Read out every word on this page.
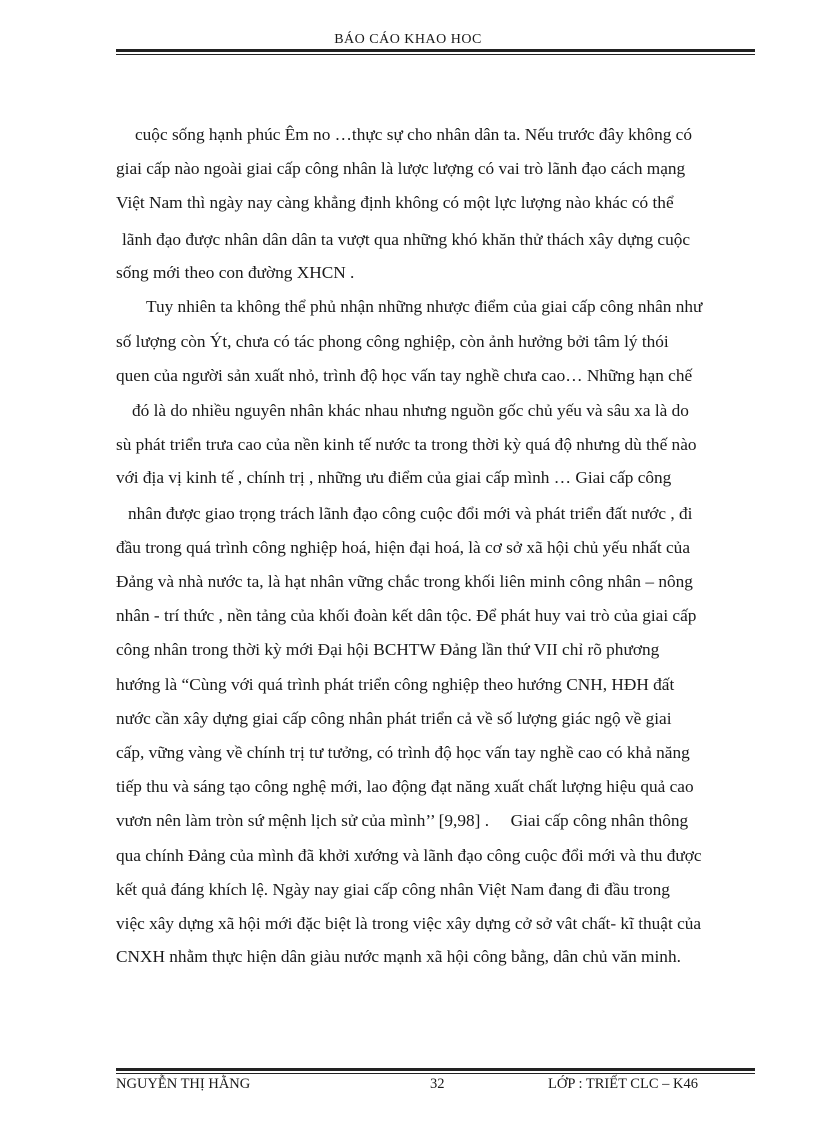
BÁO CÁO KHAO HOC
cuộc sống hạnh phúc Êm no …thực sự cho nhân dân ta. Nếu trước đây không có
giai cấp nào ngoài giai cấp công nhân là lược lượng có vai trò lãnh đạo cách mạng
Việt Nam thì ngày nay càng khẳng định không có một lực lượng nào khác có thể
lãnh đạo được nhân dân dân ta vượt qua những khó khăn thử thách xây dựng cuộc
sống mới theo con đường XHCN .
Tuy nhiên ta không thể phủ nhận những nhược điểm của giai cấp công nhân như
số lượng còn Ýt, chưa có tác phong công nghiệp, còn ảnh hưởng bởi tâm lý thói
quen của người sản xuất nhỏ, trình độ học vấn tay nghề chưa cao… Những hạn chế
đó là do nhiều nguyên nhân khác nhau nhưng nguồn gốc chủ yếu và sâu xa là do
sù phát triển trưa cao của nền kinh tế nước ta trong thời kỳ quá độ nhưng dù thế nào
với địa vị kinh tế , chính trị , những ưu điểm của giai cấp mình … Giai cấp công
nhân được giao trọng trách lãnh đạo công cuộc đổi mới và phát triển đất nước , đi
đầu trong quá trình công nghiệp hoá, hiện đại hoá, là cơ sở xã hội chủ yếu nhất của
Đảng và nhà nước ta, là hạt nhân vững chắc trong khối liên minh công nhân – nông
nhân - trí thức , nền tảng của khối đoàn kết dân tộc. Để phát huy vai trò của giai cấp
công nhân trong thời kỳ mới Đại hội BCHTW Đảng lần thứ VII chỉ rõ phương
hướng là “Cùng với quá trình phát triển công nghiệp theo hướng CNH, HĐH đất
nước cần xây dựng giai cấp công nhân phát triển cả về số lượng giác ngộ về giai
cấp, vững vàng về chính trị tư tưởng, có trình độ học vấn tay nghề cao có khả năng
tiếp thu và sáng tạo công nghệ mới, lao động đạt năng xuất chất lượng hiệu quả cao
vươn nên làm tròn sứ mệnh lịch sử của mình’’ [9,98] .     Giai cấp công nhân thông
qua chính Đảng của mình đã khởi xướng và lãnh đạo công cuộc đổi mới và thu được
kết quả đáng khích lệ. Ngày nay giai cấp công nhân Việt Nam đang đi đầu trong
việc xây dựng xã hội mới đặc biệt là trong việc xây dựng cở sở vât chất- kĩ thuật của
CNXH nhằm thực hiện dân giàu nước mạnh xã hội công bằng, dân chủ văn minh.
NGUYỄN THỊ HẰNG	32	LỚP : TRIẾT CLC – K46
